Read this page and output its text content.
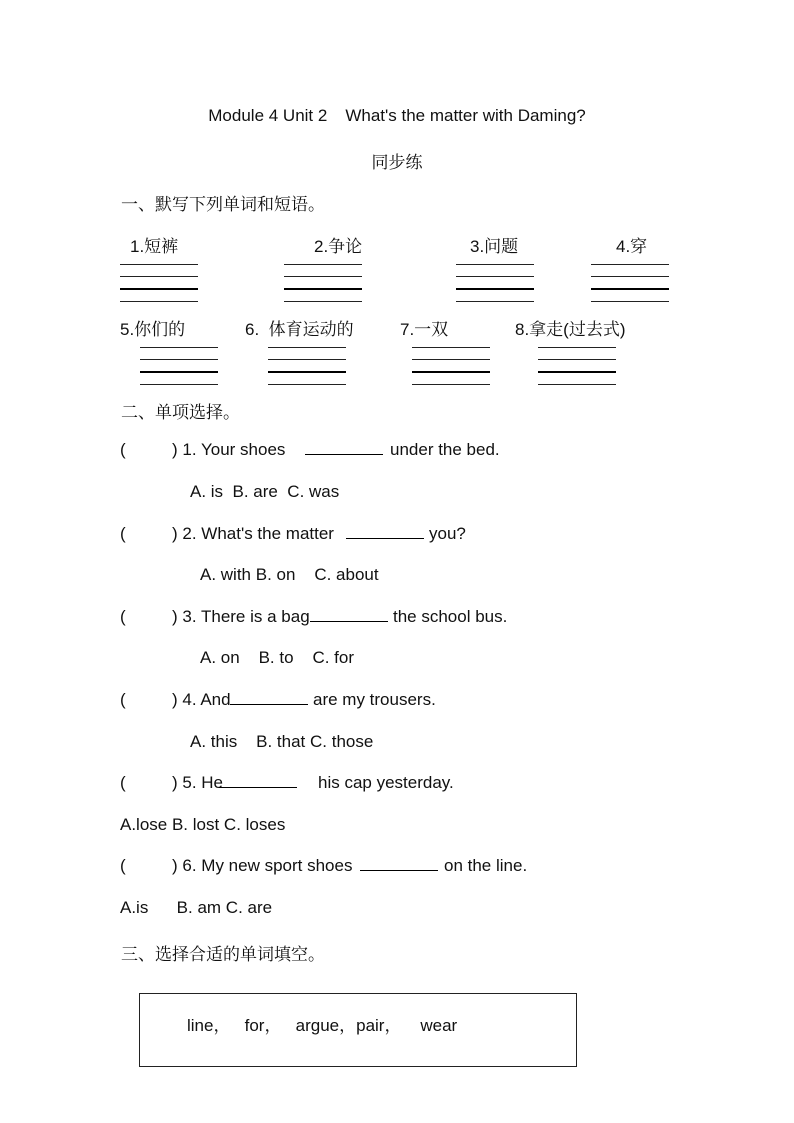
Module 4 Unit 2 What's the matter with Daming?
同步练
一、默写下列单词和短语。
1.短裤	2.争论	3.问题	4.穿
5.你们的	6.  体育运动的	7.一双	8.拿走(过去式)
二、单项选择。
(	) 1. Your shoes	under the bed.
A. is  B. are  C. was
(	) 2. What's the matter	you?
A. with B. on    C. about
(	) 3. There is a bag	the school bus.
A. on    B. to    C. for
(	) 4. And	are my trousers.
A. this    B. that C. those
(	) 5. He	his cap yesterday.
A.lose B. lost C. loses
(	) 6. My new sport shoes	on the line.
A.is      B. am C. are
三、选择合适的单词填空。
line，   for，   argue，pair，    wear
